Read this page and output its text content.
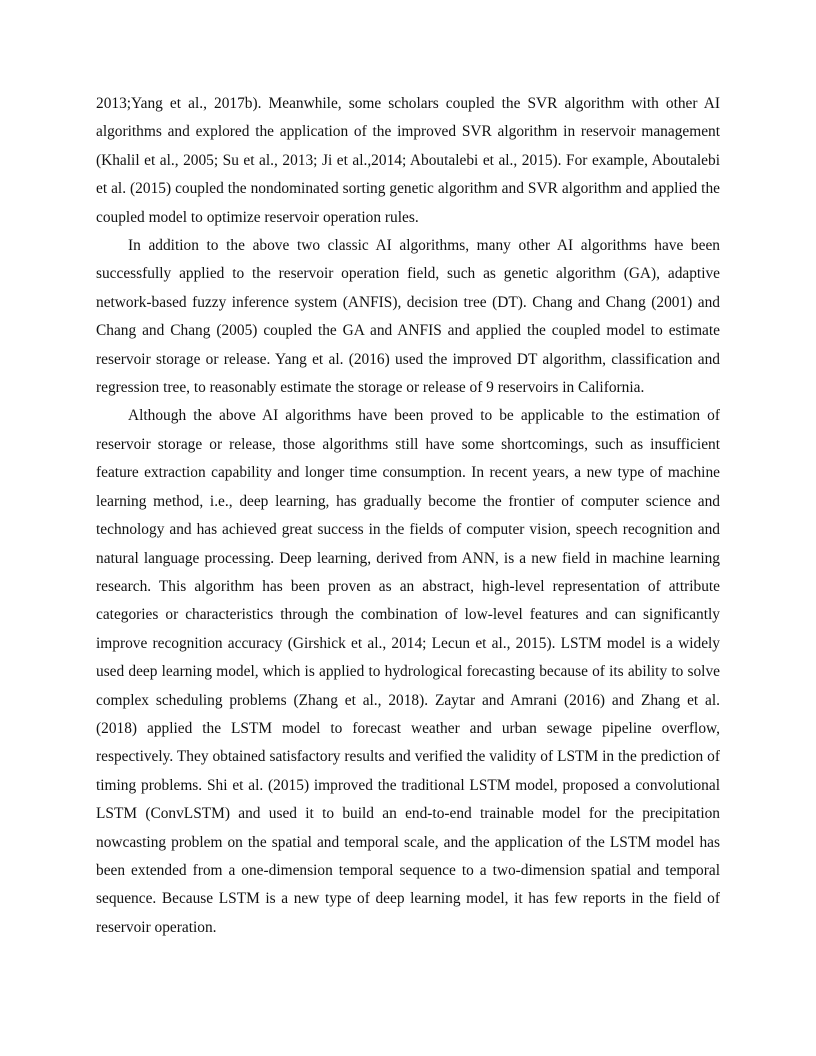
2013;Yang et al., 2017b). Meanwhile, some scholars coupled the SVR algorithm with other AI algorithms and explored the application of the improved SVR algorithm in reservoir management (Khalil et al., 2005; Su et al., 2013; Ji et al.,2014; Aboutalebi et al., 2015). For example, Aboutalebi et al. (2015) coupled the nondominated sorting genetic algorithm and SVR algorithm and applied the coupled model to optimize reservoir operation rules.

In addition to the above two classic AI algorithms, many other AI algorithms have been successfully applied to the reservoir operation field, such as genetic algorithm (GA), adaptive network-based fuzzy inference system (ANFIS), decision tree (DT). Chang and Chang (2001) and Chang and Chang (2005) coupled the GA and ANFIS and applied the coupled model to estimate reservoir storage or release. Yang et al. (2016) used the improved DT algorithm, classification and regression tree, to reasonably estimate the storage or release of 9 reservoirs in California.

Although the above AI algorithms have been proved to be applicable to the estimation of reservoir storage or release, those algorithms still have some shortcomings, such as insufficient feature extraction capability and longer time consumption. In recent years, a new type of machine learning method, i.e., deep learning, has gradually become the frontier of computer science and technology and has achieved great success in the fields of computer vision, speech recognition and natural language processing. Deep learning, derived from ANN, is a new field in machine learning research. This algorithm has been proven as an abstract, high-level representation of attribute categories or characteristics through the combination of low-level features and can significantly improve recognition accuracy (Girshick et al., 2014; Lecun et al., 2015). LSTM model is a widely used deep learning model, which is applied to hydrological forecasting because of its ability to solve complex scheduling problems (Zhang et al., 2018). Zaytar and Amrani (2016) and Zhang et al. (2018) applied the LSTM model to forecast weather and urban sewage pipeline overflow, respectively. They obtained satisfactory results and verified the validity of LSTM in the prediction of timing problems. Shi et al. (2015) improved the traditional LSTM model, proposed a convolutional LSTM (ConvLSTM) and used it to build an end-to-end trainable model for the precipitation nowcasting problem on the spatial and temporal scale, and the application of the LSTM model has been extended from a one-dimension temporal sequence to a two-dimension spatial and temporal sequence. Because LSTM is a new type of deep learning model, it has few reports in the field of reservoir operation.
